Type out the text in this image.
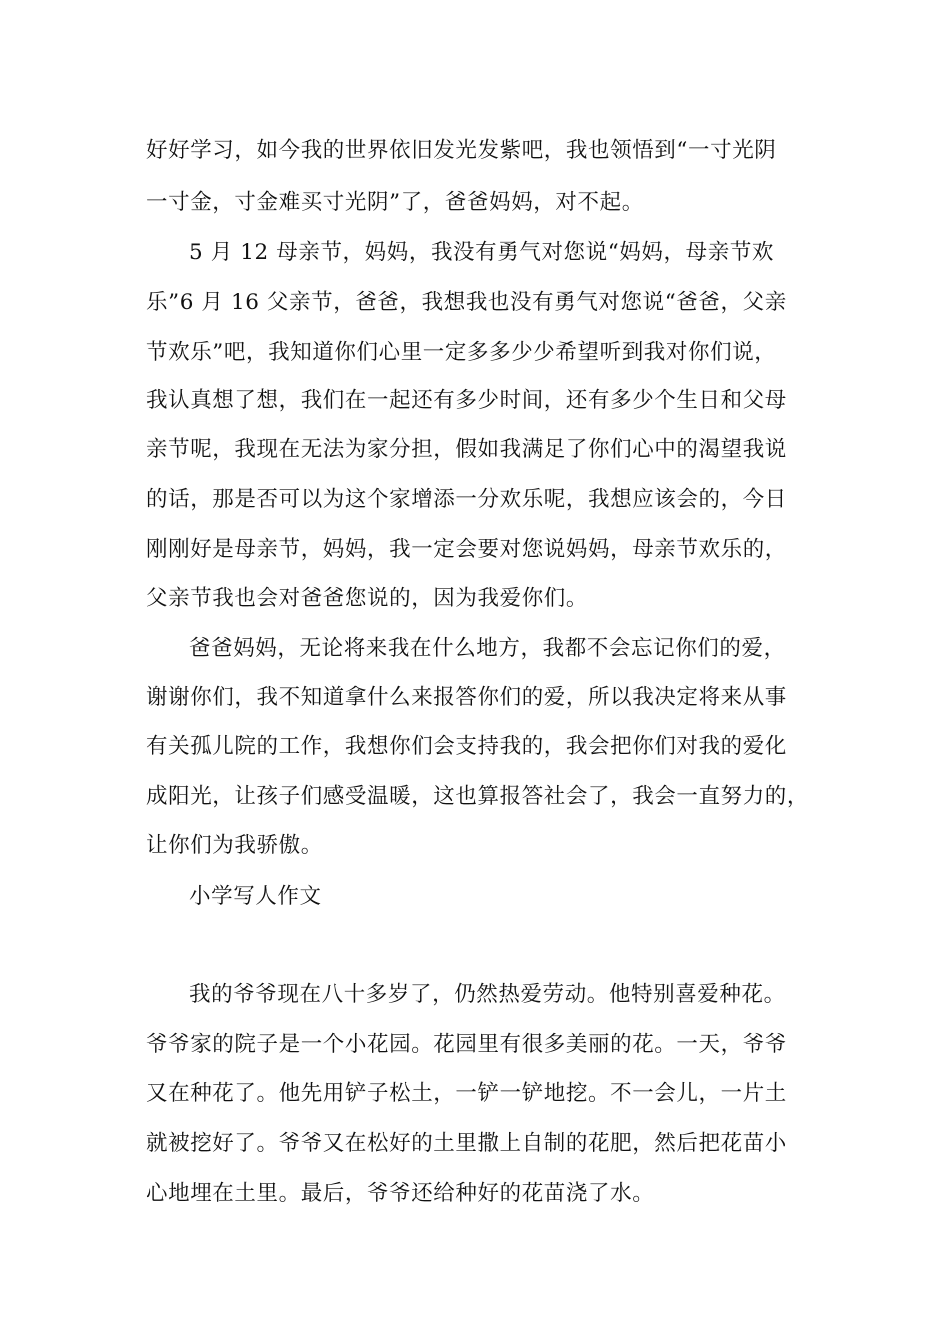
好好学习，如今我的世界依旧发光发紫吧，我也领悟到“一寸光阴
一寸金，寸金难买寸光阴”了，爸爸妈妈，对不起。
5 月 12 母亲节，妈妈，我没有勇气对您说“妈妈，母亲节欢
乐”6 月 16 父亲节，爸爸，我想我也没有勇气对您说“爸爸，父亲
节欢乐”吧，我知道你们心里一定多多少少希望听到我对你们说，
我认真想了想，我们在一起还有多少时间，还有多少个生日和父母
亲节呢，我现在无法为家分担，假如我满足了你们心中的渴望我说
的话，那是否可以为这个家增添一分欢乐呢，我想应该会的，今日
刚刚好是母亲节，妈妈，我一定会要对您说妈妈，母亲节欢乐的，
父亲节我也会对爸爸您说的，因为我爱你们。
爸爸妈妈，无论将来我在什么地方，我都不会忘记你们的爱，
谢谢你们，我不知道拿什么来报答你们的爱，所以我决定将来从事
有关孤儿院的工作，我想你们会支持我的，我会把你们对我的爱化
成阳光，让孩子们感受温暖，这也算报答社会了，我会一直努力的，
让你们为我骄傲。
小学写人作文
我的爷爷现在八十多岁了，仍然热爱劳动。他特别喜爱种花。
爷爷家的院子是一个小花园。花园里有很多美丽的花。一天，爷爷
又在种花了。他先用铲子松土，一铲一铲地挖。不一会儿，一片土
就被挖好了。爷爷又在松好的土里撒上自制的花肥，然后把花苗小
心地埋在土里。最后，爷爷还给种好的花苗浇了水。
